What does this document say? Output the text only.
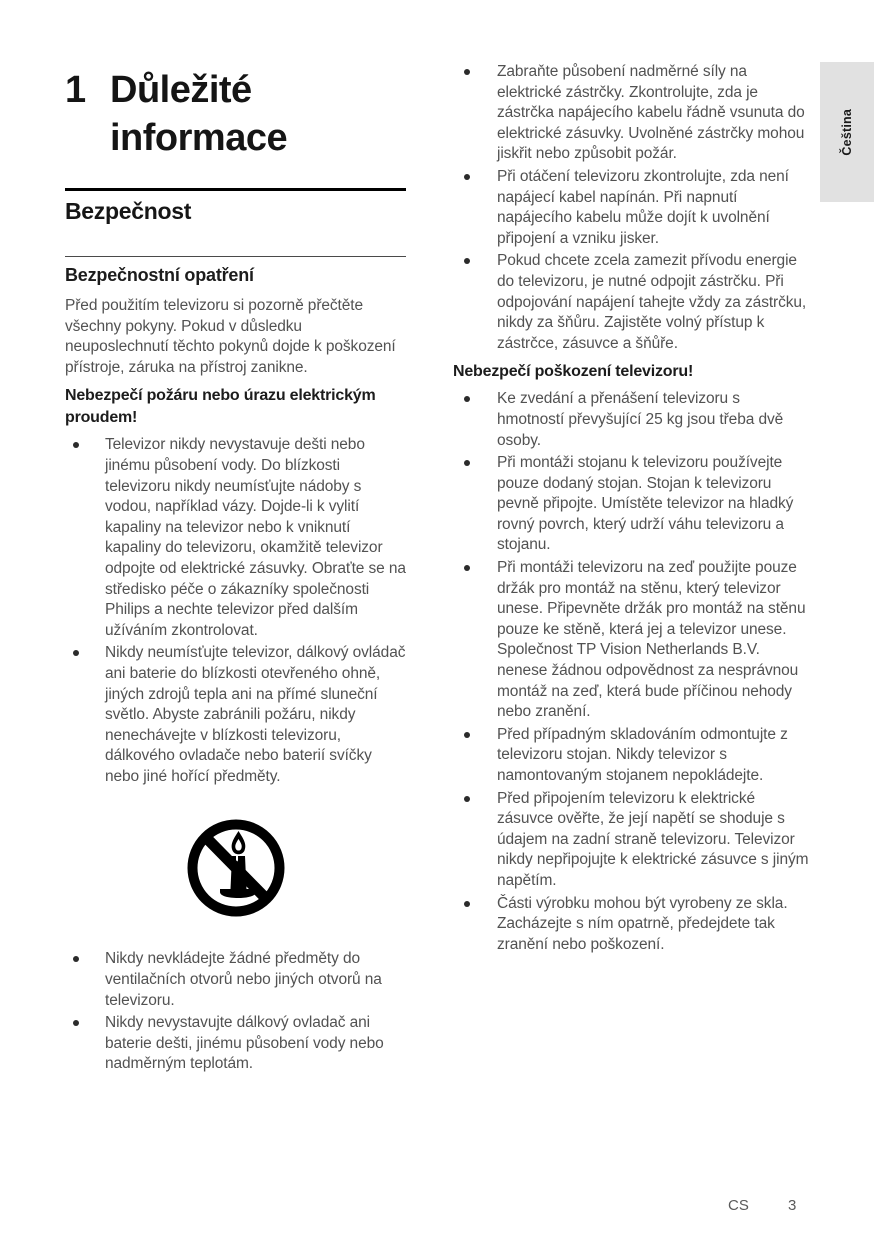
1 Důležité informace
Bezpečnost
Bezpečnostní opatření

Před použitím televizoru si pozorně přečtěte všechny pokyny. Pokud v důsledku neuposlechnutí těchto pokynů dojde k poškození přístroje, záruka na přístroj zanikne.

Nebezpečí požáru nebo úrazu elektrickým proudem!
Televizor nikdy nevystavuje dešti nebo jinému působení vody. Do blízkosti televizoru nikdy neumísťujte nádoby s vodou, například vázy. Dojde-li k vylití kapaliny na televizor nebo k vniknutí kapaliny do televizoru, okamžitě televizor odpojte od elektrické zásuvky. Obraťte se na středisko péče o zákazníky společnosti Philips a nechte televizor před dalším užíváním zkontrolovat.
Nikdy neumísťujte televizor, dálkový ovládač ani baterie do blízkosti otevřeného ohně, jiných zdrojů tepla ani na přímé sluneční světlo. Abyste zabránili požáru, nikdy nenechávejte v blízkosti televizoru, dálkového ovladače nebo baterií svíčky nebo jiné hořící předměty.
Nikdy nevkládejte žádné předměty do ventilačních otvorů nebo jiných otvorů na televizoru.
Nikdy nevystavujte dálkový ovladač ani baterie dešti, jinému působení vody nebo nadměrným teplotám.
Zabraňte působení nadměrné síly na elektrické zástrčky. Zkontrolujte, zda je zástrčka napájecího kabelu řádně vsunuta do elektrické zásuvky. Uvolněné zástrčky mohou jiskřit nebo způsobit požár.
Při otáčení televizoru zkontrolujte, zda není napájecí kabel napínán. Při napnutí napájecího kabelu může dojít k uvolnění připojení a vzniku jisker.
Pokud chcete zcela zamezit přívodu energie do televizoru, je nutné odpojit zástrčku. Při odpojování napájení tahejte vždy za zástrčku, nikdy za šňůru. Zajistěte volný přístup k zástrčce, zásuvce a šňůře.
Nebezpečí poškození televizoru!
Ke zvedání a přenášení televizoru s hmotností převyšující 25 kg jsou třeba dvě osoby.
Při montáži stojanu k televizoru používejte pouze dodaný stojan. Stojan k televizoru pevně připojte. Umístěte televizor na hladký rovný povrch, který udrží váhu televizoru a stojanu.
Při montáži televizoru na zeď použijte pouze držák pro montáž na stěnu, který televizor unese. Připevněte držák pro montáž na stěnu pouze ke stěně, která jej a televizor unese. Společnost TP Vision Netherlands B.V. nenese žádnou odpovědnost za nesprávnou montáž na zeď, která bude příčinou nehody nebo zranění.
Před případným skladováním odmontujte z televizoru stojan. Nikdy televizor s namontovaným stojanem nepokládejte.
Před připojením televizoru k elektrické zásuvce ověřte, že její napětí se shoduje s údajem na zadní straně televizoru. Televizor nikdy nepřipojujte k elektrické zásuvce s jiným napětím.
Části výrobku mohou být vyrobeny ze skla. Zacházejte s ním opatrně, předejdete tak zranění nebo poškození.
Čeština
CS	3
